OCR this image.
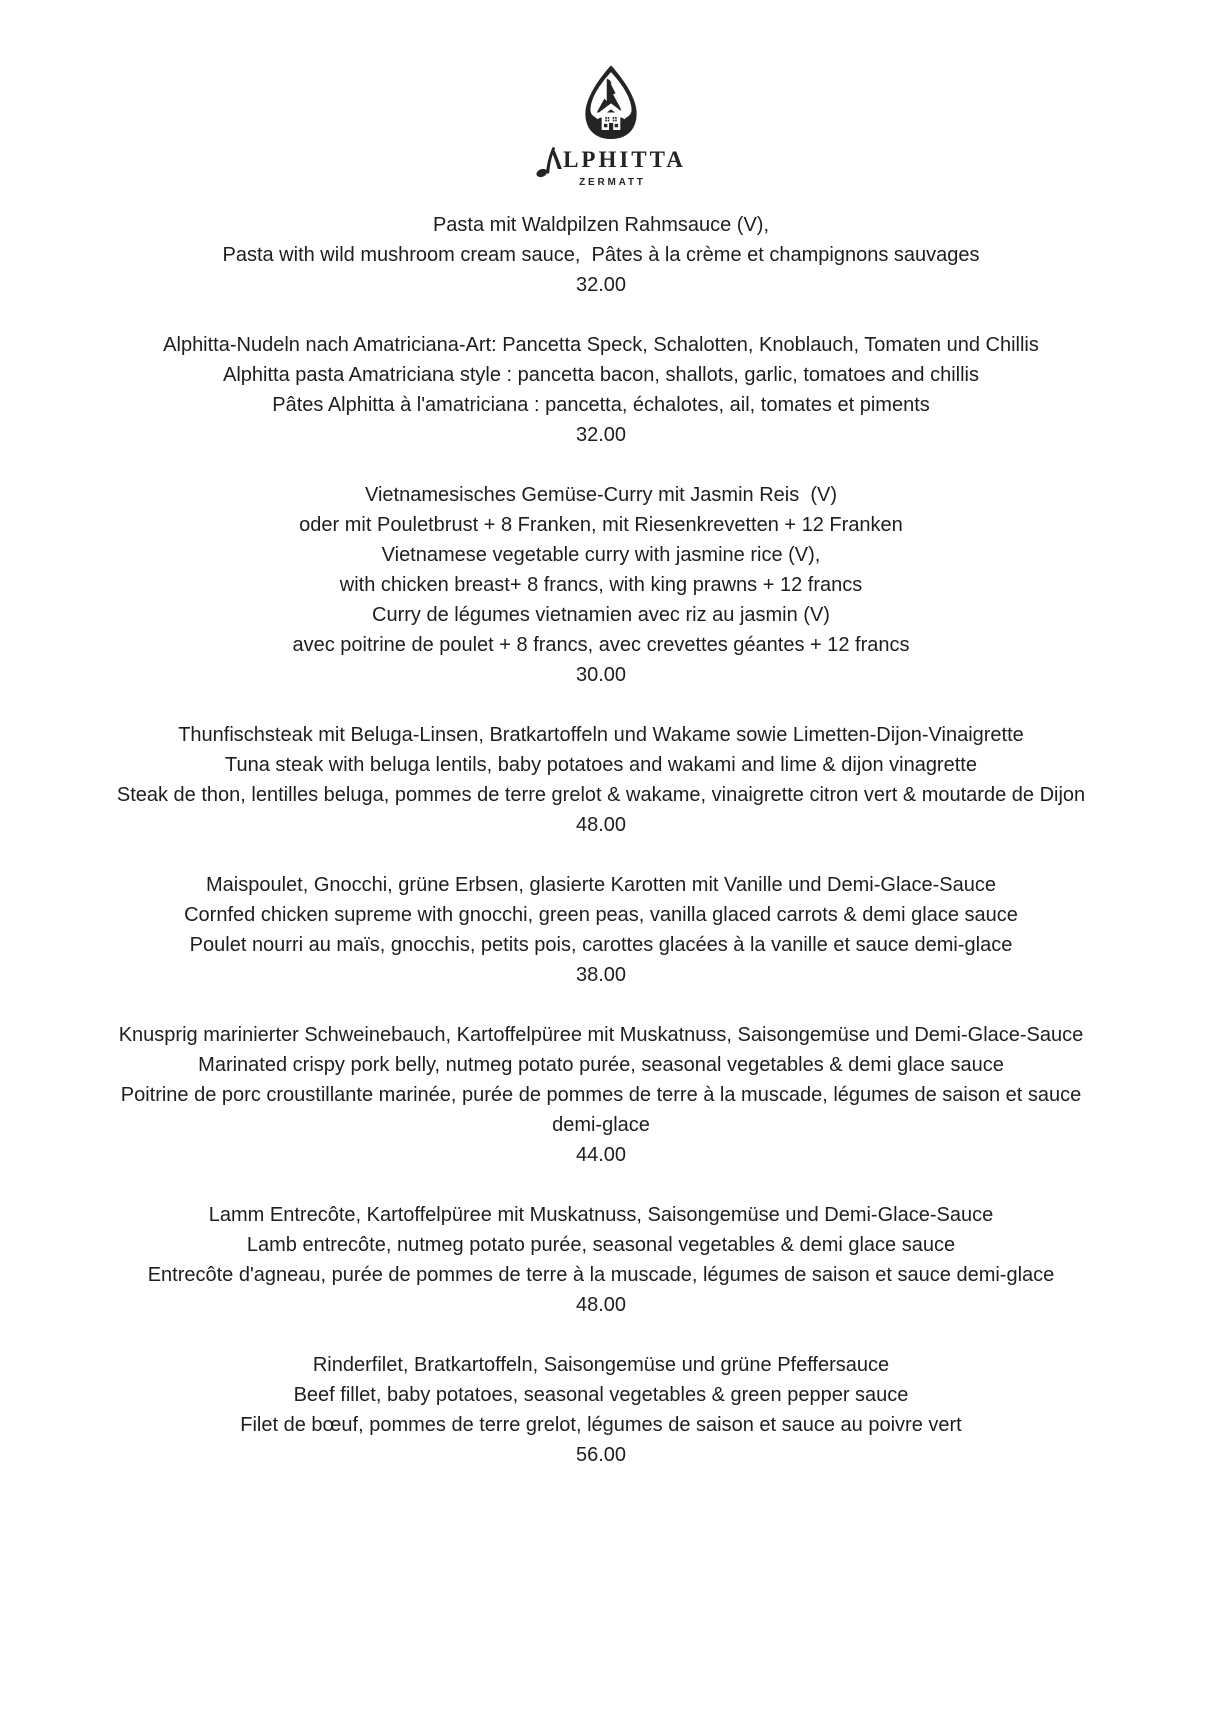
LPHITTA
ZERMATT
Pasta mit Waldpilzen Rahmsauce (V),
Pasta with wild mushroom cream sauce,  Pâtes à la crème et champignons sauvages
32.00
Alphitta-Nudeln nach Amatriciana-Art: Pancetta Speck, Schalotten, Knoblauch, Tomaten und Chillis
Alphitta pasta Amatriciana style : pancetta bacon, shallots, garlic, tomatoes and chillis
Pâtes Alphitta à l'amatriciana : pancetta, échalotes, ail, tomates et piments
32.00
Vietnamesisches Gemüse-Curry mit Jasmin Reis  (V)
oder mit Pouletbrust + 8 Franken, mit Riesenkrevetten + 12 Franken
Vietnamese vegetable curry with jasmine rice (V),
with chicken breast+ 8 francs, with king prawns + 12 francs
Curry de légumes vietnamien avec riz au jasmin (V)
avec poitrine de poulet + 8 francs, avec crevettes géantes + 12 francs
30.00
Thunfischsteak mit Beluga-Linsen, Bratkartoffeln und Wakame sowie Limetten-Dijon-Vinaigrette
Tuna steak with beluga lentils, baby potatoes and wakami and lime & dijon vinagrette
Steak de thon, lentilles beluga, pommes de terre grelot & wakame, vinaigrette citron vert & moutarde de Dijon
48.00
Maispoulet, Gnocchi, grüne Erbsen, glasierte Karotten mit Vanille und Demi-Glace-Sauce
Cornfed chicken supreme with gnocchi, green peas, vanilla glaced carrots & demi glace sauce
Poulet nourri au maïs, gnocchis, petits pois, carottes glacées à la vanille et sauce demi-glace
38.00
Knusprig marinierter Schweinebauch, Kartoffelpüree mit Muskatnuss, Saisongemüse und Demi-Glace-Sauce
Marinated crispy pork belly, nutmeg potato purée, seasonal vegetables & demi glace sauce
Poitrine de porc croustillante marinée, purée de pommes de terre à la muscade, légumes de saison et sauce
demi-glace
44.00
Lamm Entrecôte, Kartoffelpüree mit Muskatnuss, Saisongemüse und Demi-Glace-Sauce
Lamb entrecôte, nutmeg potato purée, seasonal vegetables & demi glace sauce
Entrecôte d'agneau, purée de pommes de terre à la muscade, légumes de saison et sauce demi-glace
48.00
Rinderfilet, Bratkartoffeln, Saisongemüse und grüne Pfeffersauce
Beef fillet, baby potatoes, seasonal vegetables & green pepper sauce
Filet de bœuf, pommes de terre grelot, légumes de saison et sauce au poivre vert
56.00
